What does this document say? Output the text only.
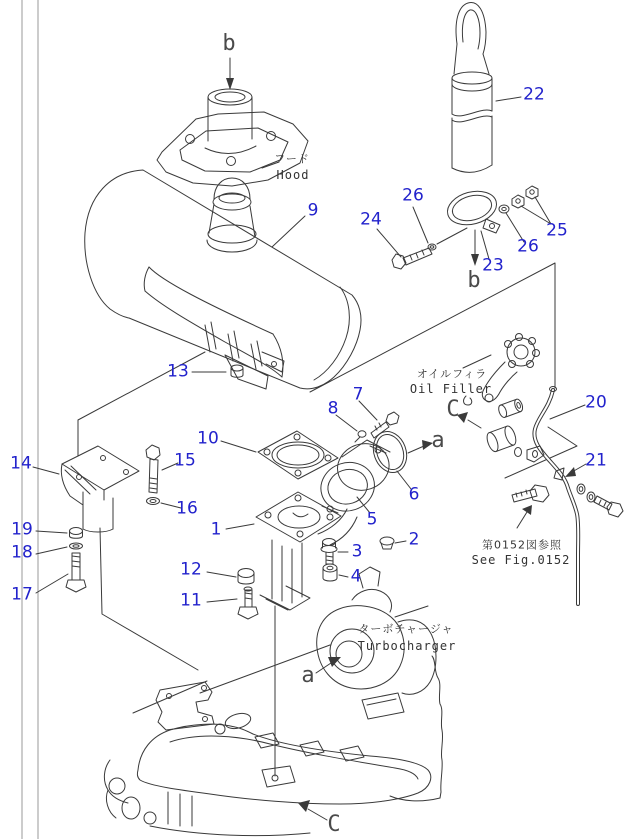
1	2
3
4
5
6
7
8
9
10
11
12
13
14	15
16
17
18
19
20
21
22
23
24
25
26
26
b
b
a
a
C
C
フード
Hood
オイルフィラ
Oil Filler
ターボチャージャ
Turbocharger
第0152図参照
See Fig.0152
